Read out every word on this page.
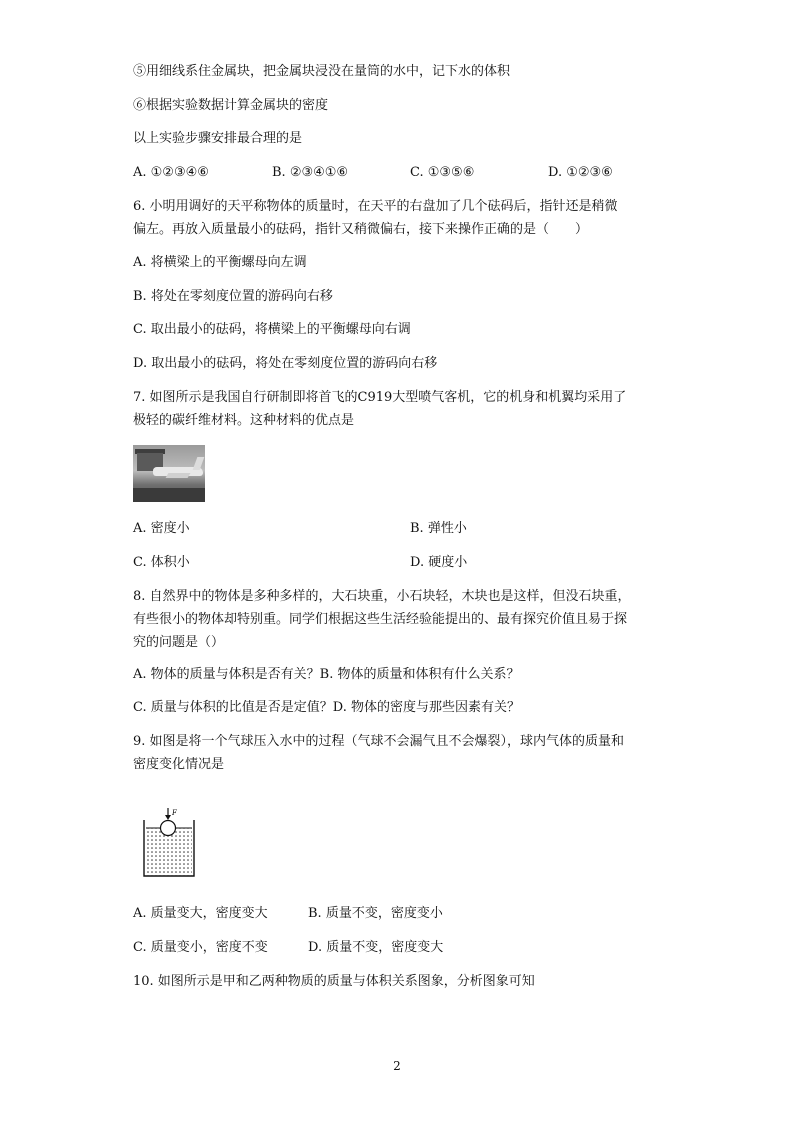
⑤用细线系住金属块，把金属块浸没在量筒的水中，记下水的体积
⑥根据实验数据计算金属块的密度
以上实验步骤安排最合理的是
A. ①②③④⑥	B. ②③④①⑥	C. ①③⑤⑥	D. ①②③⑥
6. 小明用调好的天平称物体的质量时，在天平的右盘加了几个砝码后，指针还是稍微
偏左。再放入质量最小的砝码，指针又稍微偏右，接下来操作正确的是（　　）
A. 将横梁上的平衡螺母向左调
B. 将处在零刻度位置的游码向右移
C. 取出最小的砝码，将横梁上的平衡螺母向右调
D. 取出最小的砝码，将处在零刻度位置的游码向右移
7. 如图所示是我国自行研制即将首飞的C919大型喷气客机，它的机身和机翼均采用了
极轻的碳纤维材料。这种材料的优点是
A. 密度小	B. 弹性小
C. 体积小	D. 硬度小
8. 自然界中的物体是多种多样的，大石块重，小石块轻，木块也是这样，但没石块重，
有些很小的物体却特别重。同学们根据这些生活经验能提出的、最有探究价值且易于探
究的问题是（）
A. 物体的质量与体积是否有关？B. 物体的质量和体积有什么关系？
C. 质量与体积的比值是否是定值？D. 物体的密度与那些因素有关？
9. 如图是将一个气球压入水中的过程（气球不会漏气且不会爆裂），球内气体的质量和
密度变化情况是
F
A. 质量变大，密度变大	B. 质量不变，密度变小
C. 质量变小，密度不变	D. 质量不变，密度变大
10. 如图所示是甲和乙两种物质的质量与体积关系图象，分析图象可知
2
